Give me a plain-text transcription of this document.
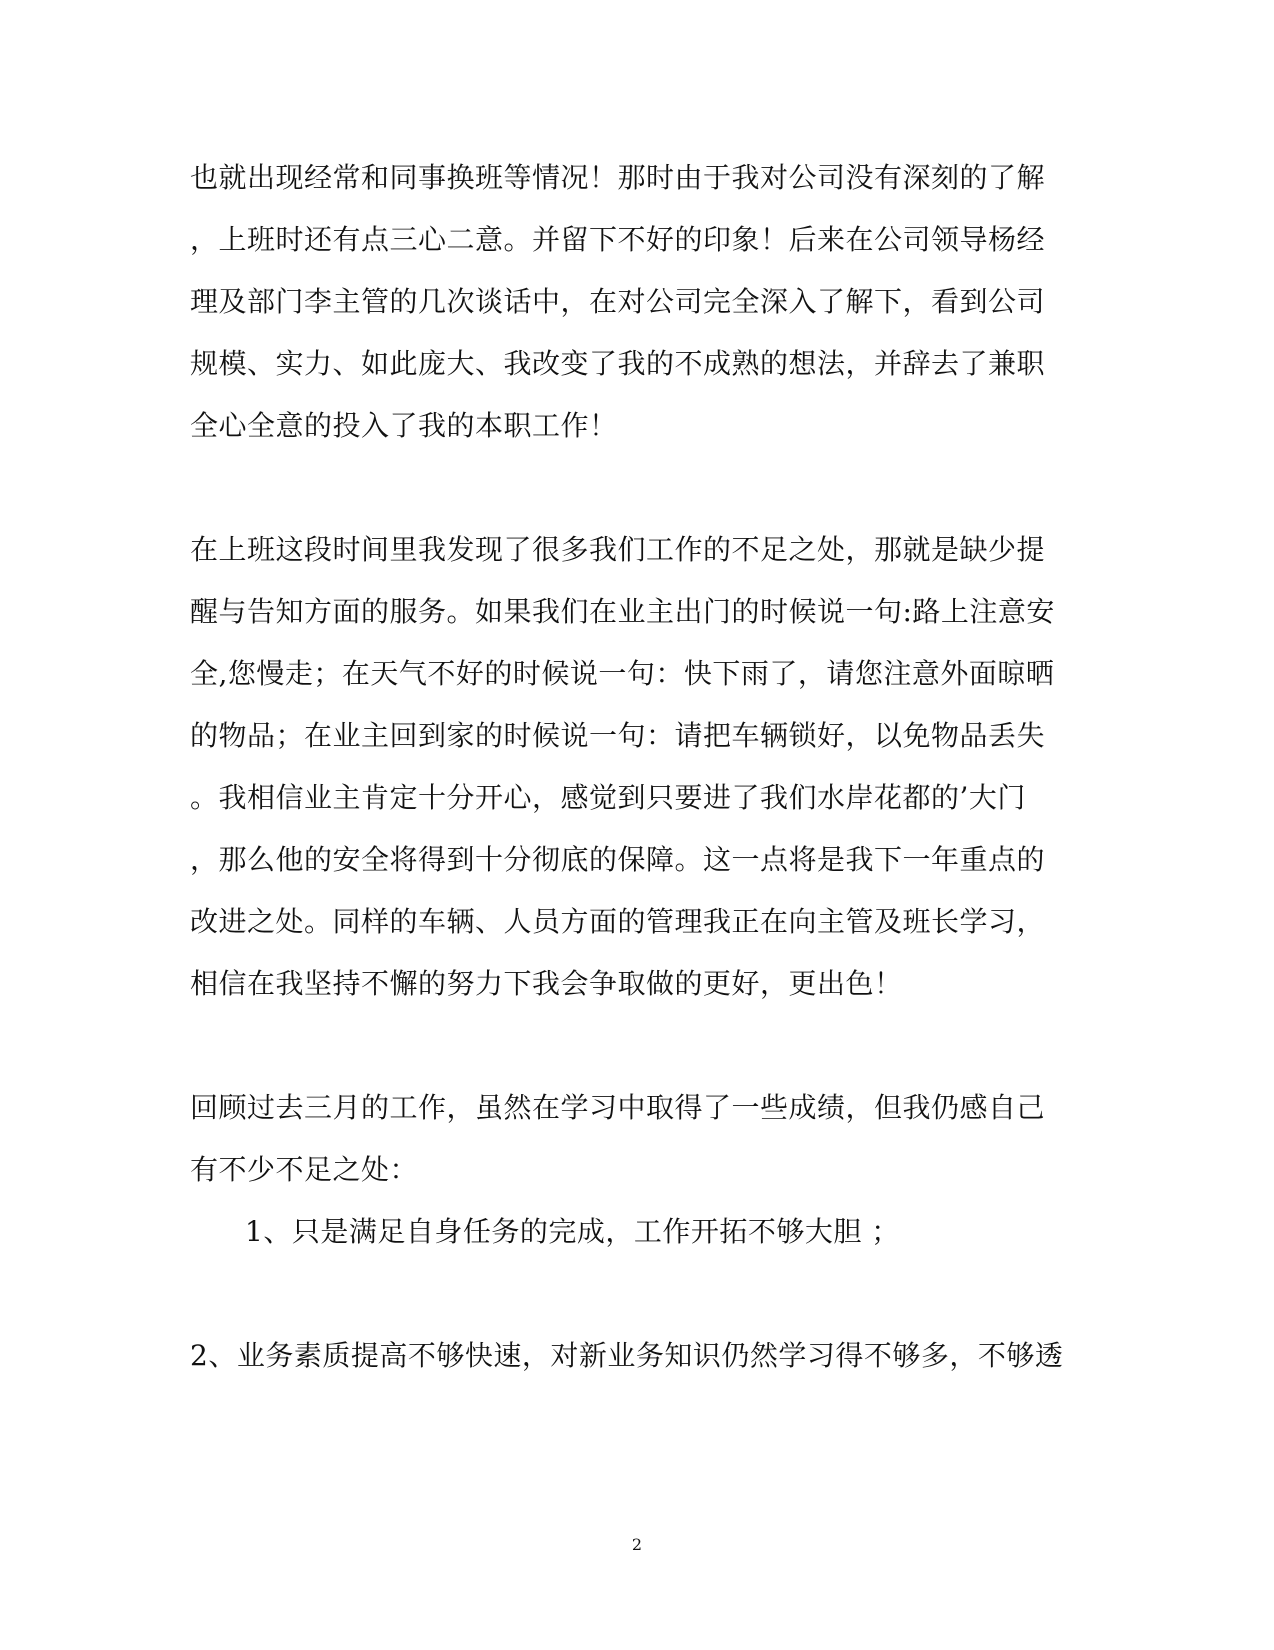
也就出现经常和同事换班等情况！那时由于我对公司没有深刻的了解
，上班时还有点三心二意。并留下不好的印象！后来在公司领导杨经
理及部门李主管的几次谈话中，在对公司完全深入了解下，看到公司
规模、实力、如此庞大、我改变了我的不成熟的想法，并辞去了兼职
全心全意的投入了我的本职工作！
在上班这段时间里我发现了很多我们工作的不足之处，那就是缺少提
醒与告知方面的服务。如果我们在业主出门的时候说一句:路上注意安
全,您慢走；在天气不好的时候说一句：快下雨了，请您注意外面晾晒
的物品；在业主回到家的时候说一句：请把车辆锁好，以免物品丢失
。我相信业主肯定十分开心，感觉到只要进了我们水岸花都的’大门
，那么他的安全将得到十分彻底的保障。这一点将是我下一年重点的
改进之处。同样的车辆、人员方面的管理我正在向主管及班长学习，
相信在我坚持不懈的努力下我会争取做的更好，更出色！
回顾过去三月的工作，虽然在学习中取得了一些成绩，但我仍感自己
有不少不足之处：
1、只是满足自身任务的完成，工作开拓不够大胆 ；
2、业务素质提高不够快速，对新业务知识仍然学习得不够多，不够透
2
